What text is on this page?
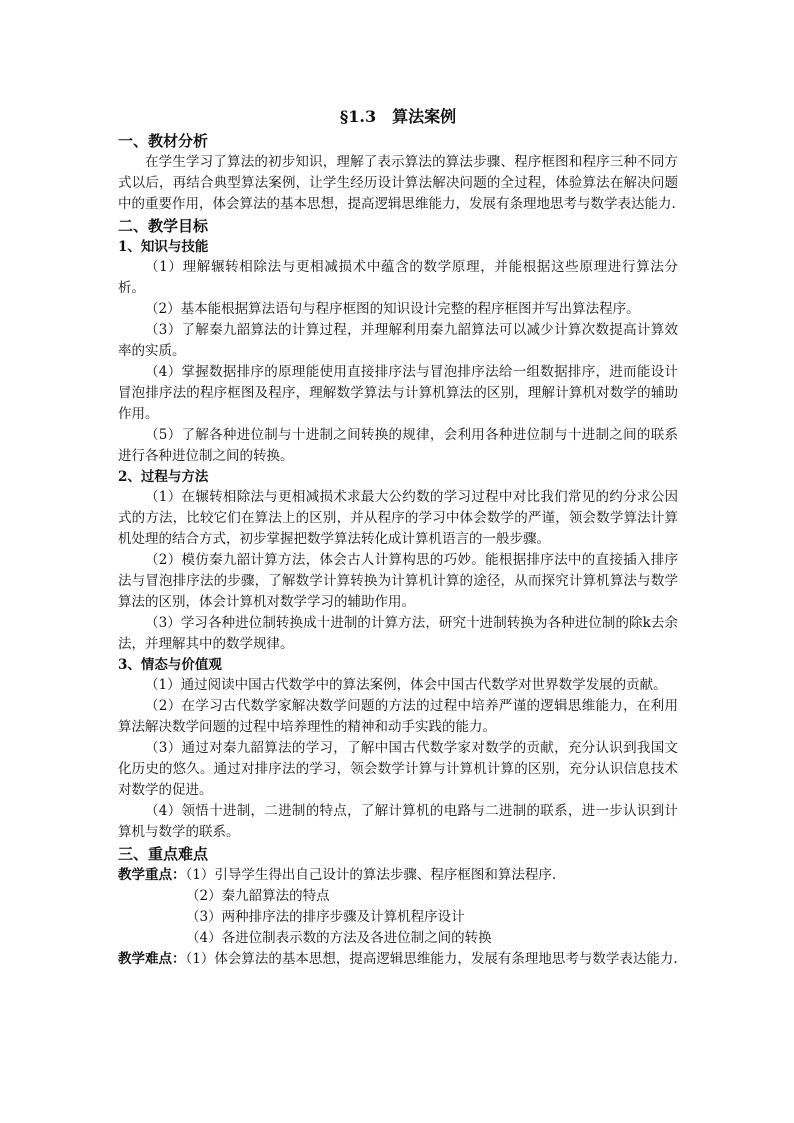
§1.3　算法案例
一、教材分析

在学生学习了算法的初步知识，理解了表示算法的算法步骤、程序框图和程序三种不同方式以后，再结合典型算法案例，让学生经历设计算法解决问题的全过程，体验算法在解决问题中的重要作用，体会算法的基本思想，提高逻辑思维能力，发展有条理地思考与数学表达能力.

二、教学目标
1、知识与技能

（1）理解辗转相除法与更相减损术中蕴含的数学原理，并能根据这些原理进行算法分析。

（2）基本能根据算法语句与程序框图的知识设计完整的程序框图并写出算法程序。

（3）了解秦九韶算法的计算过程，并理解利用秦九韶算法可以减少计算次数提高计算效率的实质。

（4）掌握数据排序的原理能使用直接排序法与冒泡排序法给一组数据排序，进而能设计冒泡排序法的程序框图及程序，理解数学算法与计算机算法的区别，理解计算机对数学的辅助作用。

（5）了解各种进位制与十进制之间转换的规律，会利用各种进位制与十进制之间的联系进行各种进位制之间的转换。

2、过程与方法

（1）在辗转相除法与更相减损术求最大公约数的学习过程中对比我们常见的约分求公因式的方法，比较它们在算法上的区别，并从程序的学习中体会数学的严谨，领会数学算法计算机处理的结合方式，初步掌握把数学算法转化成计算机语言的一般步骤。

（2）模仿秦九韶计算方法，体会古人计算构思的巧妙。能根据排序法中的直接插入排序法与冒泡排序法的步骤，了解数学计算转换为计算机计算的途径，从而探究计算机算法与数学算法的区别，体会计算机对数学学习的辅助作用。

（3）学习各种进位制转换成十进制的计算方法，研究十进制转换为各种进位制的除k去余法，并理解其中的数学规律。

3、情态与价值观

（1）通过阅读中国古代数学中的算法案例，体会中国古代数学对世界数学发展的贡献。

（2）在学习古代数学家解决数学问题的方法的过程中培养严谨的逻辑思维能力，在利用算法解决数学问题的过程中培养理性的精神和动手实践的能力。

（3）通过对秦九韶算法的学习，了解中国古代数学家对数学的贡献，充分认识到我国文化历史的悠久。通过对排序法的学习，领会数学计算与计算机计算的区别，充分认识信息技术对数学的促进。

（4）领悟十进制，二进制的特点，了解计算机的电路与二进制的联系，进一步认识到计算机与数学的联系。

三、重点难点

教学重点：（1）引导学生得出自己设计的算法步骤、程序框图和算法程序.

（2）秦九韶算法的特点

（3）两种排序法的排序步骤及计算机程序设计

（4）各进位制表示数的方法及各进位制之间的转换

教学难点：（1）体会算法的基本思想，提高逻辑思维能力，发展有条理地思考与数学表达能力.
